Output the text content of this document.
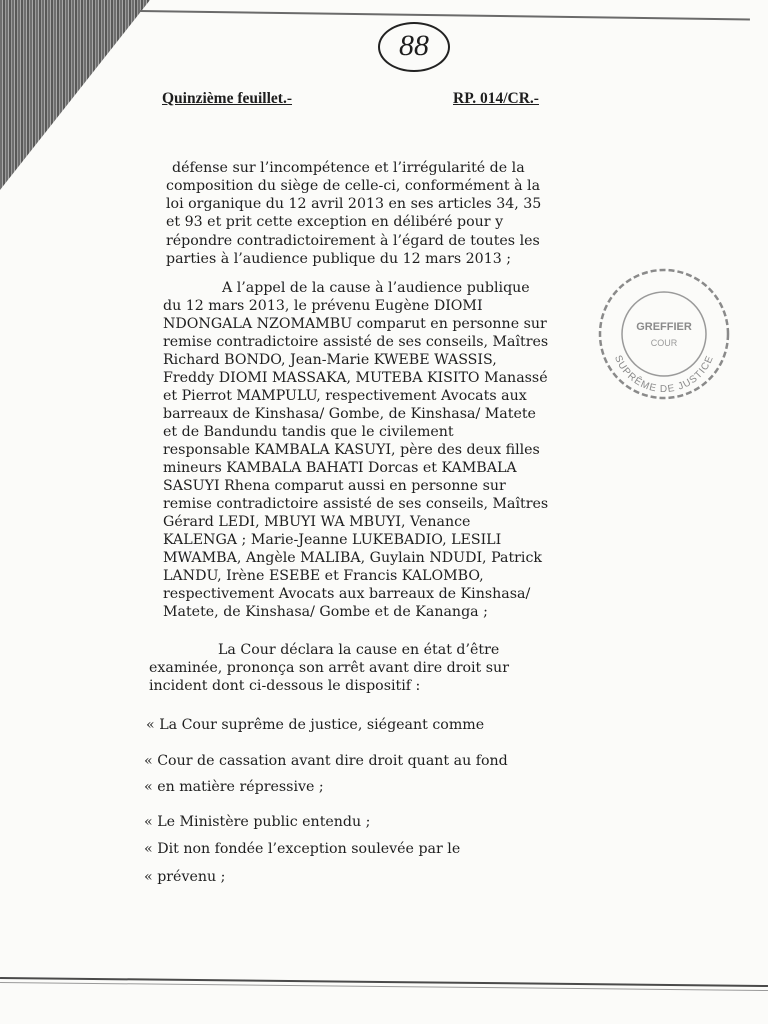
88
Quinzième feuillet.-	RP. 014/CR.-
défense sur l’incompétence et l’irrégularité de la
composition du siège de celle-ci, conformément à la
loi organique du 12 avril 2013 en ses articles 34, 35
et 93 et prit cette exception en délibéré pour y
répondre contradictoirement à l’égard de toutes les
parties à l’audience publique du 12 mars 2013 ;
A l’appel de la cause à l’audience publique
du 12 mars 2013, le prévenu Eugène DIOMI
NDONGALA NZOMAMBU comparut en personne sur
remise contradictoire assisté de ses conseils, Maîtres
Richard BONDO, Jean-Marie KWEBE WASSIS,
Freddy DIOMI MASSAKA, MUTEBA KISITO Manassé
et Pierrot MAMPULU, respectivement Avocats aux
barreaux de Kinshasa/ Gombe, de Kinshasa/ Matete
et de Bandundu tandis que le civilement
responsable KAMBALA KASUYI, père des deux filles
mineurs KAMBALA BAHATI Dorcas et KAMBALA
SASUYI Rhena comparut aussi en personne sur
remise contradictoire assisté de ses conseils, Maîtres
Gérard LEDI, MBUYI WA MBUYI, Venance
KALENGA ; Marie-Jeanne LUKEBADIO, LESILI
MWAMBA, Angèle MALIBA, Guylain NDUDI, Patrick
LANDU, Irène ESEBE et Francis KALOMBO,
respectivement Avocats aux barreaux de Kinshasa/
Matete, de Kinshasa/ Gombe et de Kananga ;
La Cour déclara la cause en état d’être
examinée, prononça son arrêt avant dire droit sur
incident dont ci-dessous le dispositif :
« La Cour suprême de justice, siégeant comme
« Cour de cassation avant dire droit quant au fond
« en matière répressive ;
« Le Ministère public entendu ;
« Dit non fondée l’exception soulevée par le
« prévenu ;
GREFFIER
COUR
SUPRÊME DE JUSTICE
